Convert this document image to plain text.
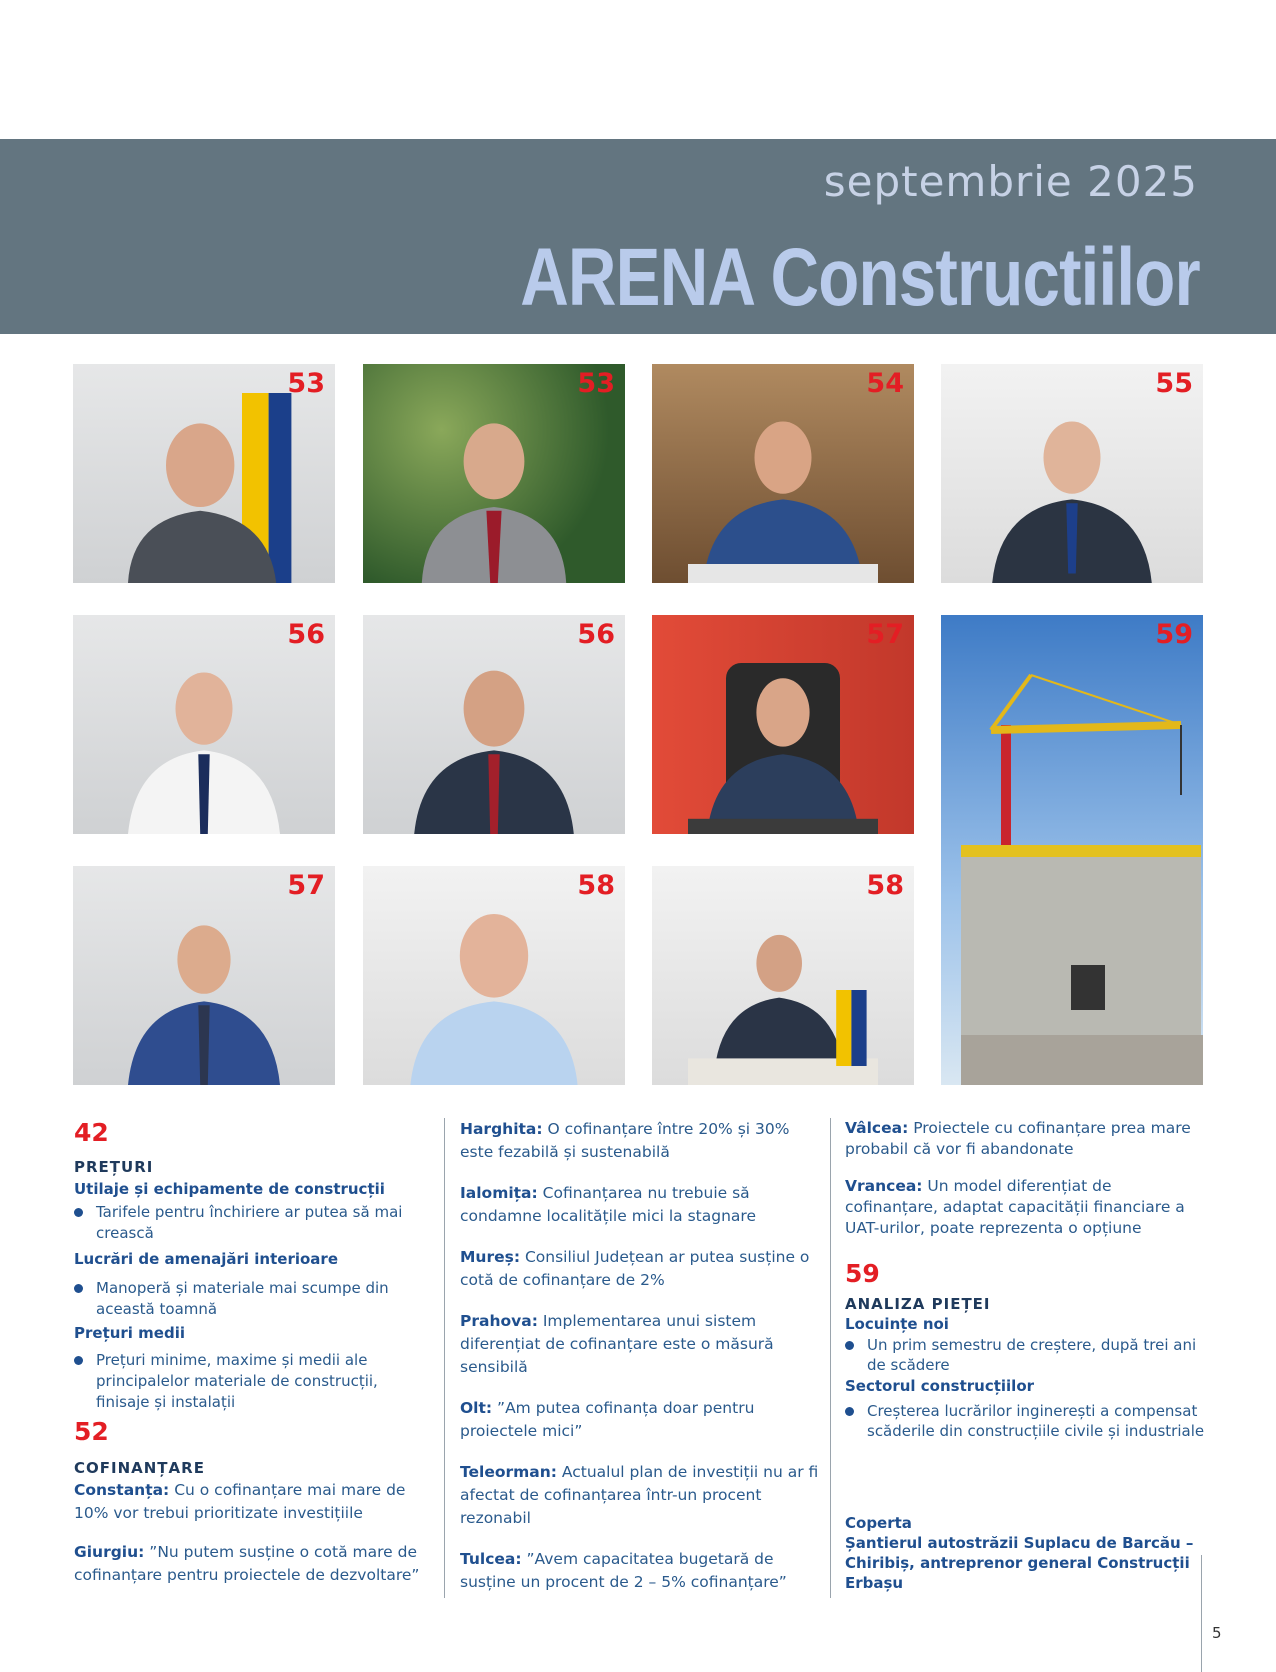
septembrie 2025
ARENA Constructiilor
53	53	54	55
56	56	57	59
57	58	58
42
PREȚURI
Utilaje și echipamente de construcții
Tarifele pentru închiriere ar putea să mai crească
Lucrări de amenajări interioare
Manoperă și materiale mai scumpe din această toamnă
Prețuri medii
Prețuri minime, maxime și medii ale principalelor materiale de construcții, finisaje și instalații
52
COFINANȚARE
Constanța: Cu o cofinanțare mai mare de 10% vor trebui prioritizate investițiile
Giurgiu: ”Nu putem susține o cotă mare de cofinanțare pentru proiectele de dezvoltare”
Harghita: O cofinanțare între 20% și 30% este fezabilă și sustenabilă
Ialomița: Cofinanțarea nu trebuie să condamne localitățile mici la stagnare
Mureș: Consiliul Județean ar putea susține o cotă de cofinanțare de 2%
Prahova: Implementarea unui sistem diferențiat de cofinanțare este o măsură sensibilă
Olt: ”Am putea cofinanța doar pentru proiectele mici”
Teleorman: Actualul plan de investiții nu ar fi afectat de cofinanțarea într-un procent rezonabil
Tulcea: ”Avem capacitatea bugetară de susține un procent de 2 – 5% cofinanțare”
Vâlcea: Proiectele cu cofinanțare prea mare probabil că vor fi abandonate
Vrancea: Un model diferențiat de cofinanțare, adaptat capacității financiare a UAT-urilor, poate reprezenta o opțiune
59
ANALIZA PIEȚEI
Locuințe noi
Un prim semestru de creștere, după trei ani de scădere
Sectorul construcțiilor
Creșterea lucrărilor inginerești a compensat scăderile din construcțiile civile și industriale
Coperta
Șantierul autostrăzii Suplacu de Barcău – Chiribiș, antreprenor general Construcții Erbașu
5
